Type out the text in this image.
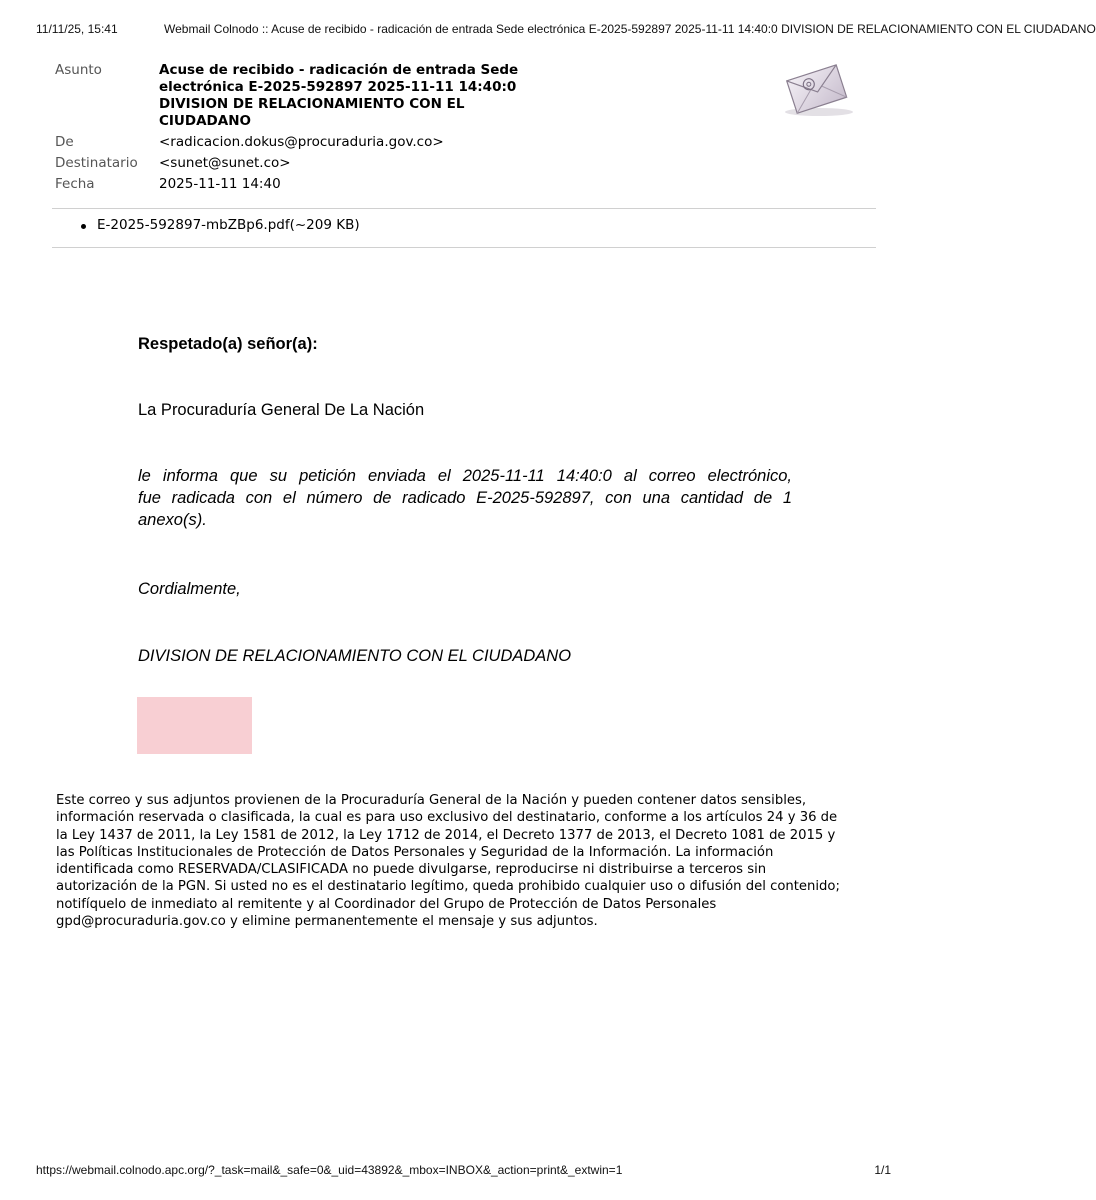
11/11/25, 15:41	Webmail Colnodo :: Acuse de recibido - radicación de entrada Sede electrónica E-2025-592897 2025-11-11 14:40:0 DIVISION DE RELACIONAMIENTO CON EL CIUDADANO
Asunto	Acuse de recibido - radicación de entrada Sede
electrónica E-2025-592897 2025-11-11 14:40:0
DIVISION DE RELACIONAMIENTO CON EL
CIUDADANO
De	<radicacion.dokus@procuraduria.gov.co>
Destinatario	<sunet@sunet.co>
Fecha	2025-11-11 14:40
E-2025-592897-mbZBp6.pdf(~209 KB)
Respetado(a) señor(a):
La Procuraduría General De La Nación
le informa que su petición enviada el 2025-11-11 14:40:0 al correo electrónico,
fue radicada con el número de radicado E-2025-592897, con una cantidad de 1
anexo(s).
Cordialmente,
DIVISION DE RELACIONAMIENTO CON EL CIUDADANO
Este correo y sus adjuntos provienen de la Procuraduría General de la Nación y pueden contener datos sensibles,
información reservada o clasificada, la cual es para uso exclusivo del destinatario, conforme a los artículos 24 y 36 de
la Ley 1437 de 2011, la Ley 1581 de 2012, la Ley 1712 de 2014, el Decreto 1377 de 2013, el Decreto 1081 de 2015 y
las Políticas Institucionales de Protección de Datos Personales y Seguridad de la Información. La información
identificada como RESERVADA/CLASIFICADA no puede divulgarse, reproducirse ni distribuirse a terceros sin
autorización de la PGN. Si usted no es el destinatario legítimo, queda prohibido cualquier uso o difusión del contenido;
notifíquelo de inmediato al remitente y al Coordinador del Grupo de Protección de Datos Personales
gpd@procuraduria.gov.co y elimine permanentemente el mensaje y sus adjuntos.
https://webmail.colnodo.apc.org/?_task=mail&_safe=0&_uid=43892&_mbox=INBOX&_action=print&_extwin=1	1/1
